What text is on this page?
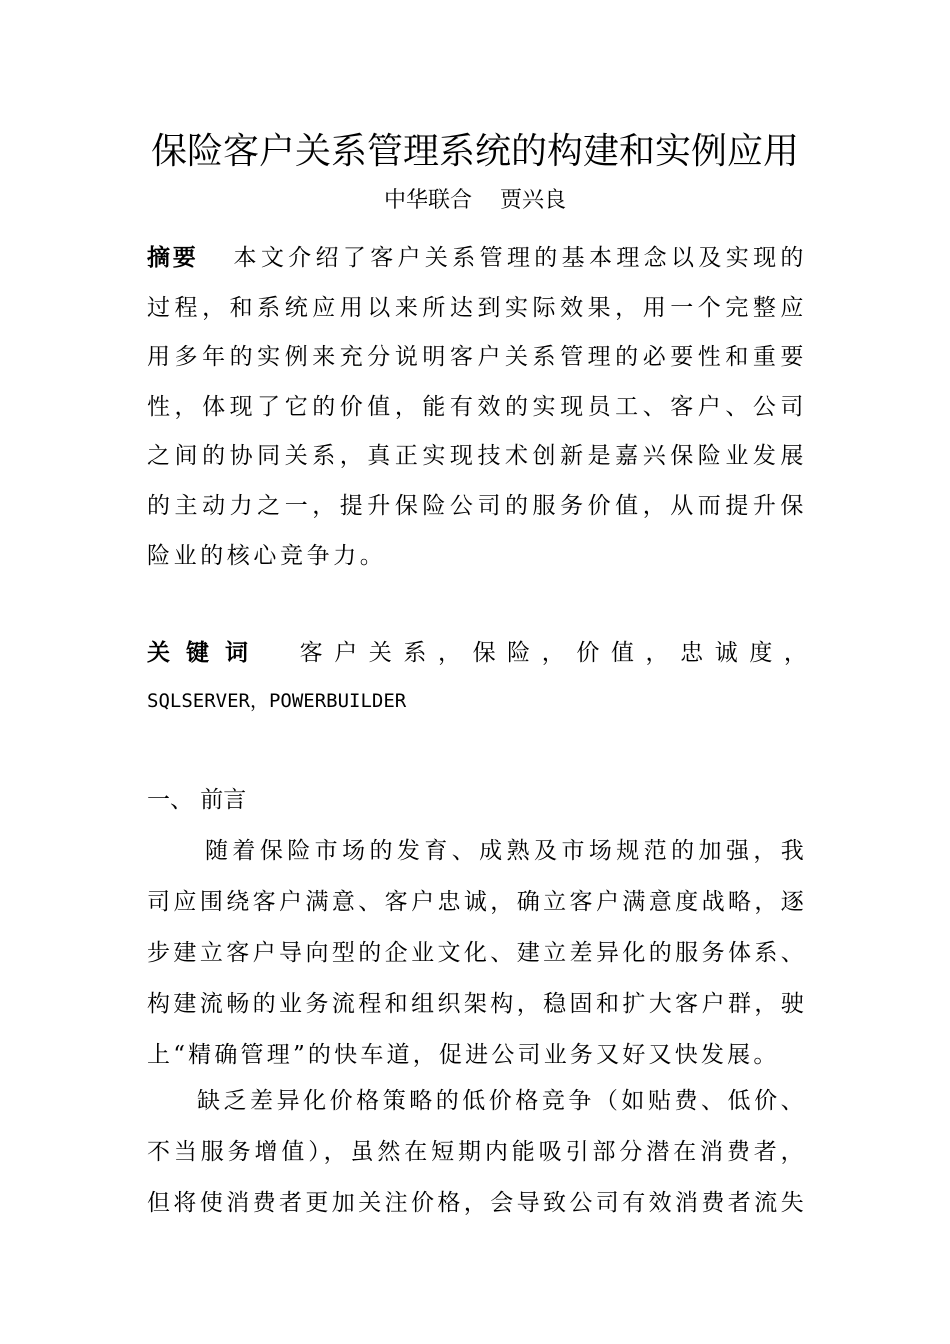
保险客户关系管理系统的构建和实例应用
中华联合    贾兴良
摘要 本文介绍了客户关系管理的基本理念以及实现的过程，和系统应用以来所达到实际效果，用一个完整应用多年的实例来充分说明客户关系管理的必要性和重要性，体现了它的价值，能有效的实现员工、客户、公司之间的协同关系，真正实现技术创新是嘉兴保险业发展的主动力之一，提升保险公司的服务价值，从而提升保险业的核心竞争力。
关 键 词 客 户 关 系 ， 保 险 ， 价 值 ， 忠 诚 度 ，
SQLSERVER，POWERBUILDER
一、 前言
随着保险市场的发育、成熟及市场规范的加强，我司应围绕客户满意、客户忠诚，确立客户满意度战略，逐步建立客户导向型的企业文化、建立差异化的服务体系、构建流畅的业务流程和组织架构，稳固和扩大客户群，驶上“精确管理”的快车道，促进公司业务又好又快发展。
缺乏差异化价格策略的低价格竞争（如贴费、低价、不当服务增值），虽然在短期内能吸引部分潜在消费者，但将使消费者更加关注价格，会导致公司有效消费者流失
